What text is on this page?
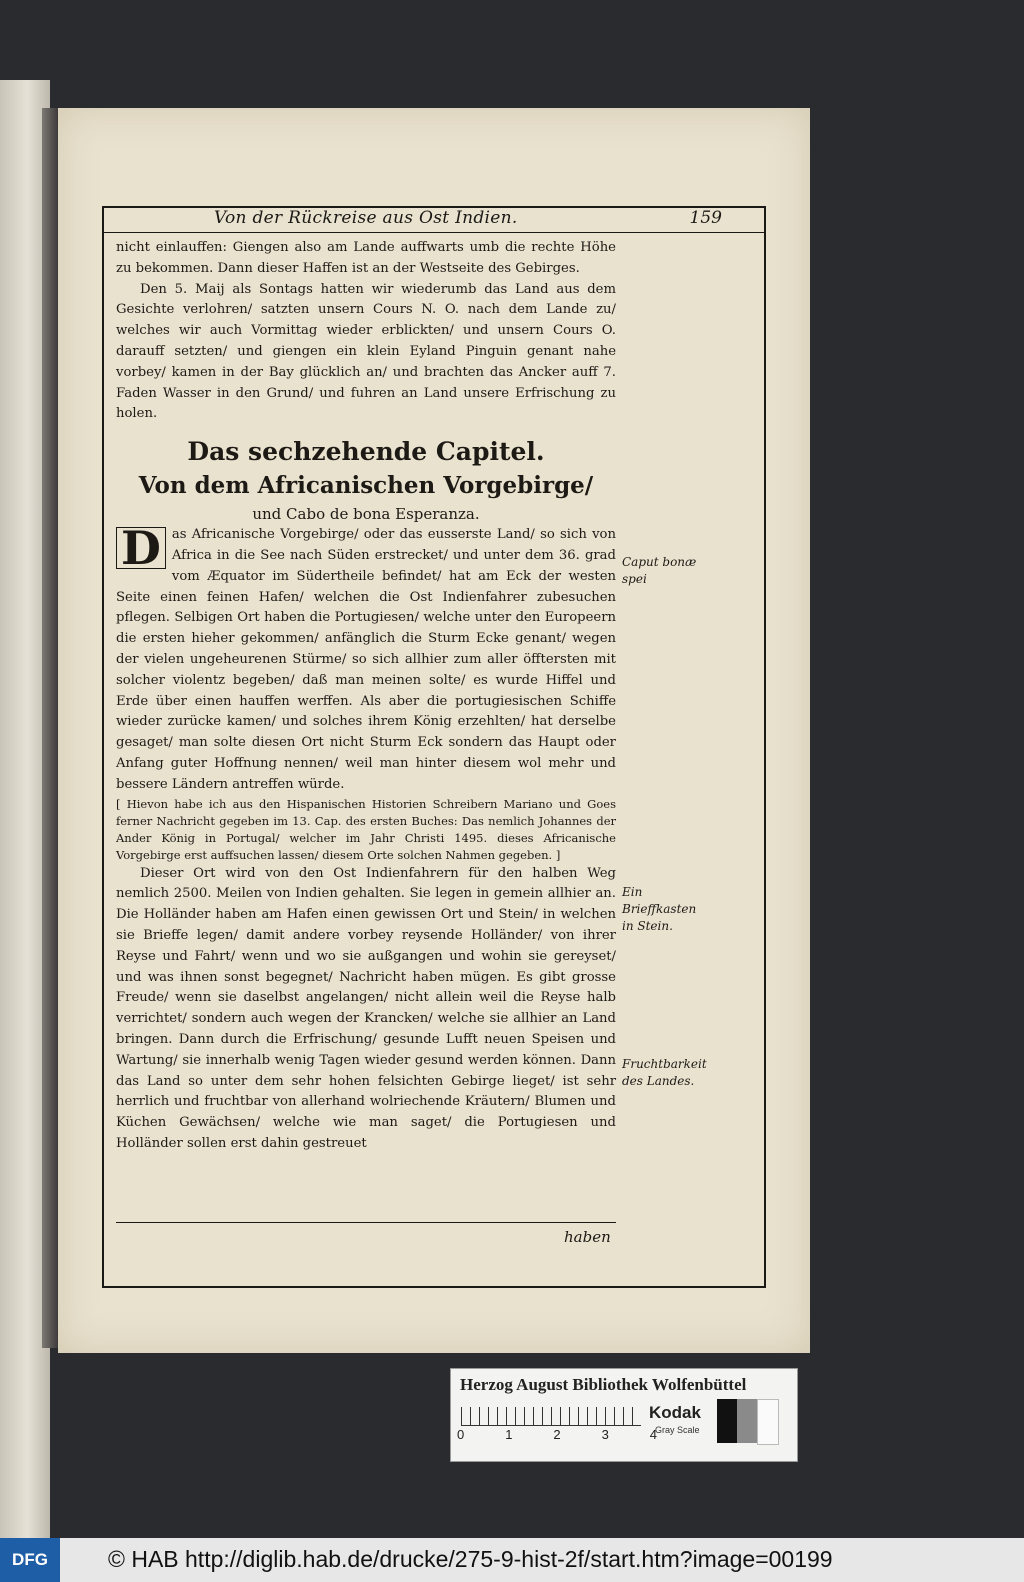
Von der Rückreise aus Ost Indien.	159

nicht einlauffen: Giengen also am Lande auffwarts umb die rechte Höhe zu bekommen. Dann dieser Haffen ist an der Westseite des Gebirges.

Den 5. Maij als Sontags hatten wir wiederumb das Land aus dem Gesichte verlohren/ satzten unsern Cours N. O. nach dem Lande zu/ welches wir auch Vormittag wieder erblickten/ und unsern Cours O. darauff setzten/ und giengen ein klein Eyland Pinguin genant nahe vorbey/ kamen in der Bay glücklich an/ und brachten das Ancker auff 7. Faden Wasser in den Grund/ und fuhren an Land unsere Erfrischung zu holen.

Das sechzehende Capitel.
Von dem Africanischen Vorgebirge/
und Cabo de bona Esperanza.

D as Africanische Vorgebirge/ oder das eusserste Land/ so sich von Africa in die See nach Süden erstrecket/ und unter dem 36. grad vom Æquator im Südertheile befindet/ hat am Eck der westen Seite einen feinen Hafen/ welchen die Ost Indienfahrer zubesuchen pflegen. Selbigen Ort haben die Portugiesen/ welche unter den Europeern die ersten hieher gekommen/ anfänglich die Sturm Ecke genant/ wegen der vielen ungeheurenen Stürme/ so sich allhier zum aller öfftersten mit solcher violentz begeben/ daß man meinen solte/ es wurde Hiffel und Erde über einen hauffen werffen. Als aber die portugiesischen Schiffe wieder zurücke kamen/ und solches ihrem König erzehlten/ hat derselbe gesaget/ man solte diesen Ort nicht Sturm Eck sondern das Haupt oder Anfang guter Hoffnung nennen/ weil man hinter diesem wol mehr und bessere Ländern antreffen würde.

[ Hievon habe ich aus den Hispanischen Historien Schreibern Mariano und Goes ferner Nachricht gegeben im 13. Cap. des ersten Buches: Das nemlich Johannes der Ander König in Portugal/ welcher im Jahr Christi 1495. dieses Africanische Vorgebirge erst auffsuchen lassen/ diesem Orte solchen Nahmen gegeben. ]

Dieser Ort wird von den Ost Indienfahrern für den halben Weg nemlich 2500. Meilen von Indien gehalten. Sie legen in gemein allhier an. Die Holländer haben am Hafen einen gewissen Ort und Stein/ in welchen sie Brieffe legen/ damit andere vorbey reysende Holländer/ von ihrer Reyse und Fahrt/ wenn und wo sie außgangen und wohin sie gereyset/ und was ihnen sonst begegnet/ Nachricht haben mügen. Es gibt grosse Freude/ wenn sie daselbst angelangen/ nicht allein weil die Reyse halb verrichtet/ sondern auch wegen der Krancken/ welche sie allhier an Land bringen. Dann durch die Erfrischung/ gesunde Lufft neuen Speisen und Wartung/ sie innerhalb wenig Tagen wieder gesund werden können. Dann das Land so unter dem sehr hohen felsichten Gebirge lieget/ ist sehr herrlich und fruchtbar von allerhand wolriechende Kräutern/ Blumen und Küchen Gewächsen/ welche wie man saget/ die Portugiesen und Holländer sollen erst dahin gestreuet

Caput bonæ spei
Ein Brieffkasten in Stein.
Fruchtbarkeit des Landes.
haben
Herzog August Bibliothek Wolfenbüttel
0	1	2	3	4
Kodak
Gray Scale
DFG	© HAB http://diglib.hab.de/drucke/275-9-hist-2f/start.htm?image=00199
